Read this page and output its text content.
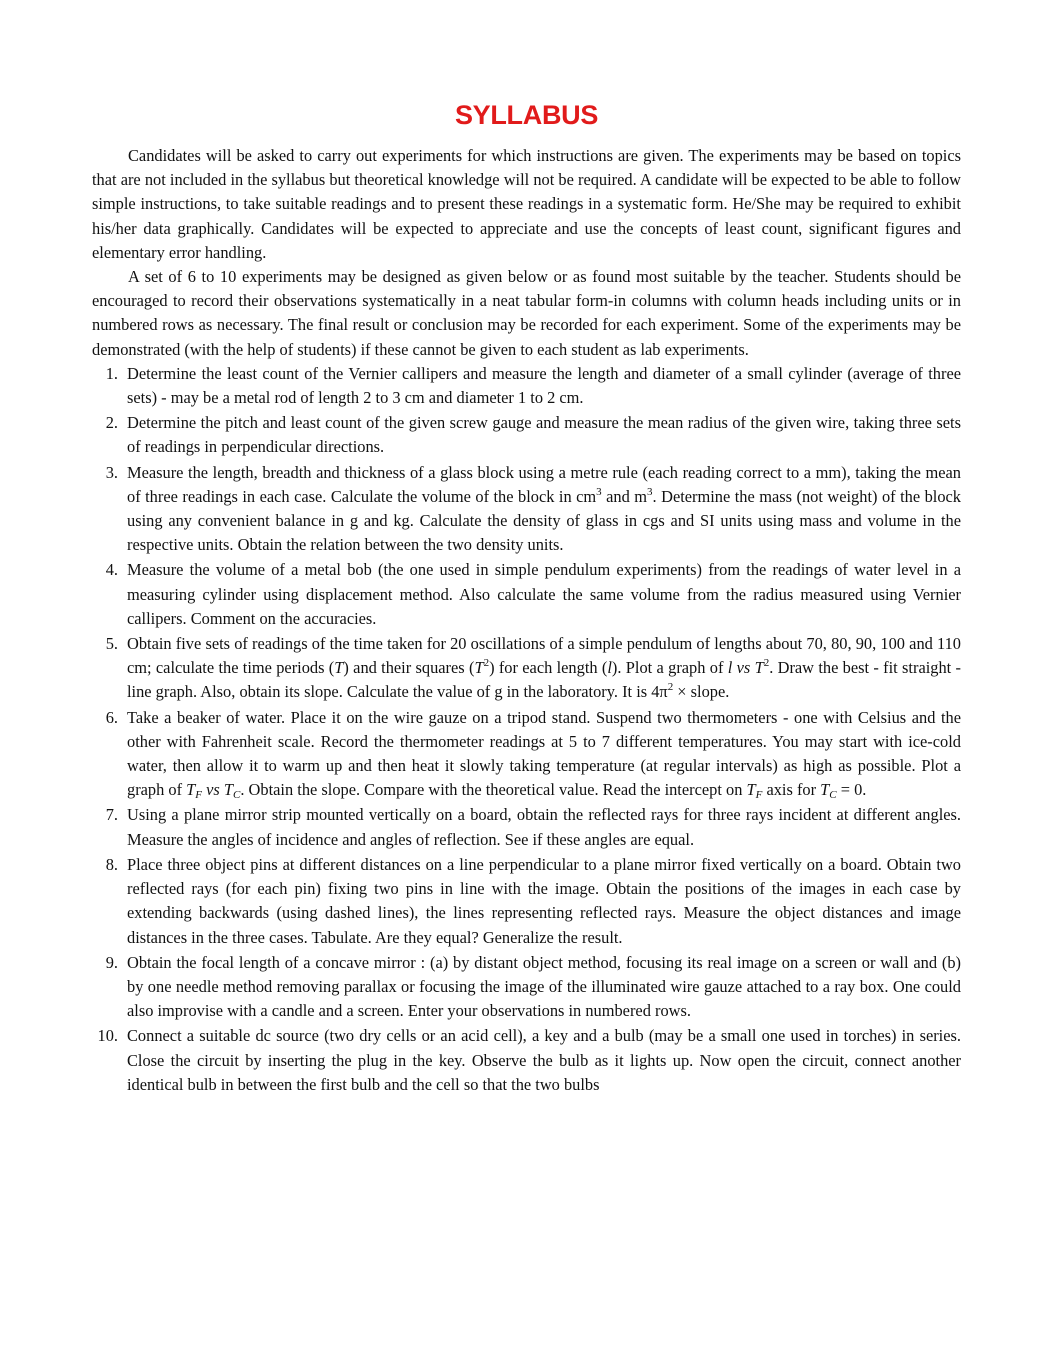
SYLLABUS

Candidates will be asked to carry out experiments for which instructions are given. The experiments may be based on topics that are not included in the syllabus but theoretical knowledge will not be required. A candidate will be expected to be able to follow simple instructions, to take suitable readings and to present these readings in a systematic form. He/She may be required to exhibit his/her data graphically. Candidates will be expected to appreciate and use the concepts of least count, significant figures and elementary error handling.

A set of 6 to 10 experiments may be designed as given below or as found most suitable by the teacher. Students should be encouraged to record their observations systematically in a neat tabular form-in columns with column heads including units or in numbered rows as necessary. The final result or conclusion may be recorded for each experiment. Some of the experiments may be demonstrated (with the help of students) if these cannot be given to each student as lab experiments.

1. Determine the least count of the Vernier callipers and measure the length and diameter of a small cylinder (average of three sets) - may be a metal rod of length 2 to 3 cm and diameter 1 to 2 cm.
2. Determine the pitch and least count of the given screw gauge and measure the mean radius of the given wire, taking three sets of readings in perpendicular directions.
3. Measure the length, breadth and thickness of a glass block using a metre rule (each reading correct to a mm), taking the mean of three readings in each case. Calculate the volume of the block in $cm^3$ and $m^3$. Determine the mass (not weight) of the block using any convenient balance in g and kg. Calculate the density of glass in cgs and SI units using mass and volume in the respective units. Obtain the relation between the two density units.
4. Measure the volume of a metal bob (the one used in simple pendulum experiments) from the readings of water level in a measuring cylinder using displacement method. Also calculate the same volume from the radius measured using Vernier callipers. Comment on the accuracies.
5. Obtain five sets of readings of the time taken for 20 oscillations of a simple pendulum of lengths about 70, 80, 90, 100 and 110 cm; calculate the time periods (T) and their squares $(T^2)$ for each length (l). Plot a graph of l vs $T^2$. Draw the best - fit straight - line graph. Also, obtain its slope. Calculate the value of g in the laboratory. It is $4\pi^2$ × slope.
6. Take a beaker of water. Place it on the wire gauze on a tripod stand. Suspend two thermometers - one with Celsius and the other with Fahrenheit scale. Record the thermometer readings at 5 to 7 different temperatures. You may start with ice-cold water, then allow it to warm up and then heat it slowly taking temperature (at regular intervals) as high as possible. Plot a graph of $T_F$ vs $T_C$. Obtain the slope. Compare with the theoretical value. Read the intercept on $T_F$ axis for $T_C = 0$.
7. Using a plane mirror strip mounted vertically on a board, obtain the reflected rays for three rays incident at different angles. Measure the angles of incidence and angles of reflection. See if these angles are equal.
8. Place three object pins at different distances on a line perpendicular to a plane mirror fixed vertically on a board. Obtain two reflected rays (for each pin) fixing two pins in line with the image. Obtain the positions of the images in each case by extending backwards (using dashed lines), the lines representing reflected rays. Measure the object distances and image distances in the three cases. Tabulate. Are they equal? Generalize the result.
9. Obtain the focal length of a concave mirror : (a) by distant object method, focusing its real image on a screen or wall and (b) by one needle method removing parallax or focusing the image of the illuminated wire gauze attached to a ray box. One could also improvise with a candle and a screen. Enter your observations in numbered rows.
10. Connect a suitable dc source (two dry cells or an acid cell), a key and a bulb (may be a small one used in torches) in series. Close the circuit by inserting the plug in the key. Observe the bulb as it lights up. Now open the circuit, connect another identical bulb in between the first bulb and the cell so that the two bulbs
